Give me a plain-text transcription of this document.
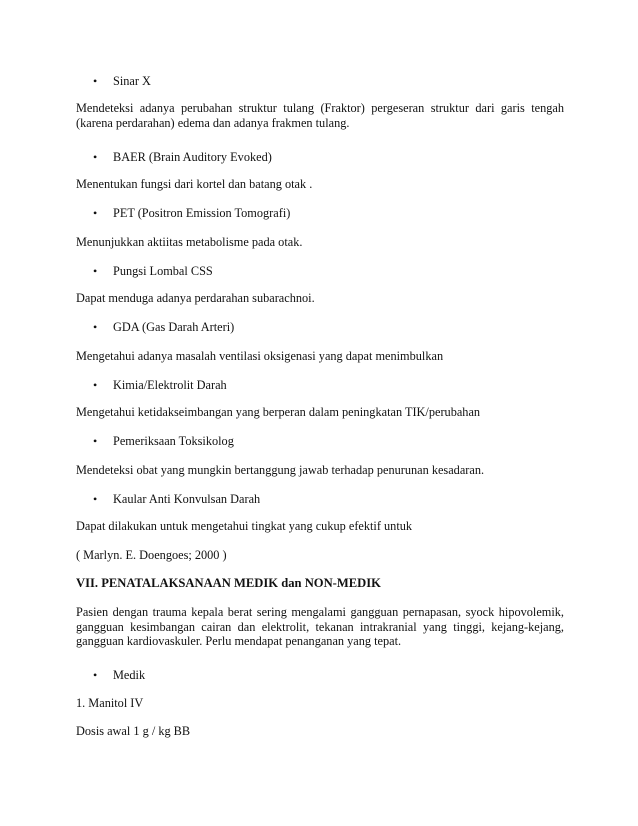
Sinar X

Mendeteksi adanya perubahan struktur tulang (Fraktor) pergeseran struktur dari garis tengah (karena perdarahan) edema dan adanya frakmen tulang.

BAER (Brain Auditory Evoked)

Menentukan fungsi dari kortel dan batang otak .

PET (Positron Emission Tomografi)

Menunjukkan aktiitas metabolisme pada otak.

Pungsi Lombal CSS

Dapat menduga adanya perdarahan subarachnoi.

GDA (Gas Darah Arteri)

Mengetahui adanya masalah ventilasi oksigenasi yang dapat menimbulkan

Kimia/Elektrolit Darah

Mengetahui ketidakseimbangan yang berperan dalam peningkatan TIK/perubahan

Pemeriksaan Toksikolog

Mendeteksi obat yang mungkin bertanggung jawab terhadap penurunan kesadaran.

Kaular Anti Konvulsan Darah

Dapat dilakukan untuk mengetahui tingkat yang cukup efektif untuk

( Marlyn. E. Doengoes; 2000 )

VII. PENATALAKSANAAN MEDIK dan NON-MEDIK

Pasien dengan trauma kepala berat sering mengalami gangguan pernapasan, syock hipovolemik, gangguan kesimbangan cairan dan elektrolit, tekanan intrakranial yang tinggi, kejang-kejang, gangguan kardiovaskuler. Perlu mendapat penanganan yang tepat.

Medik

1. Manitol IV

Dosis awal 1 g / kg BB
